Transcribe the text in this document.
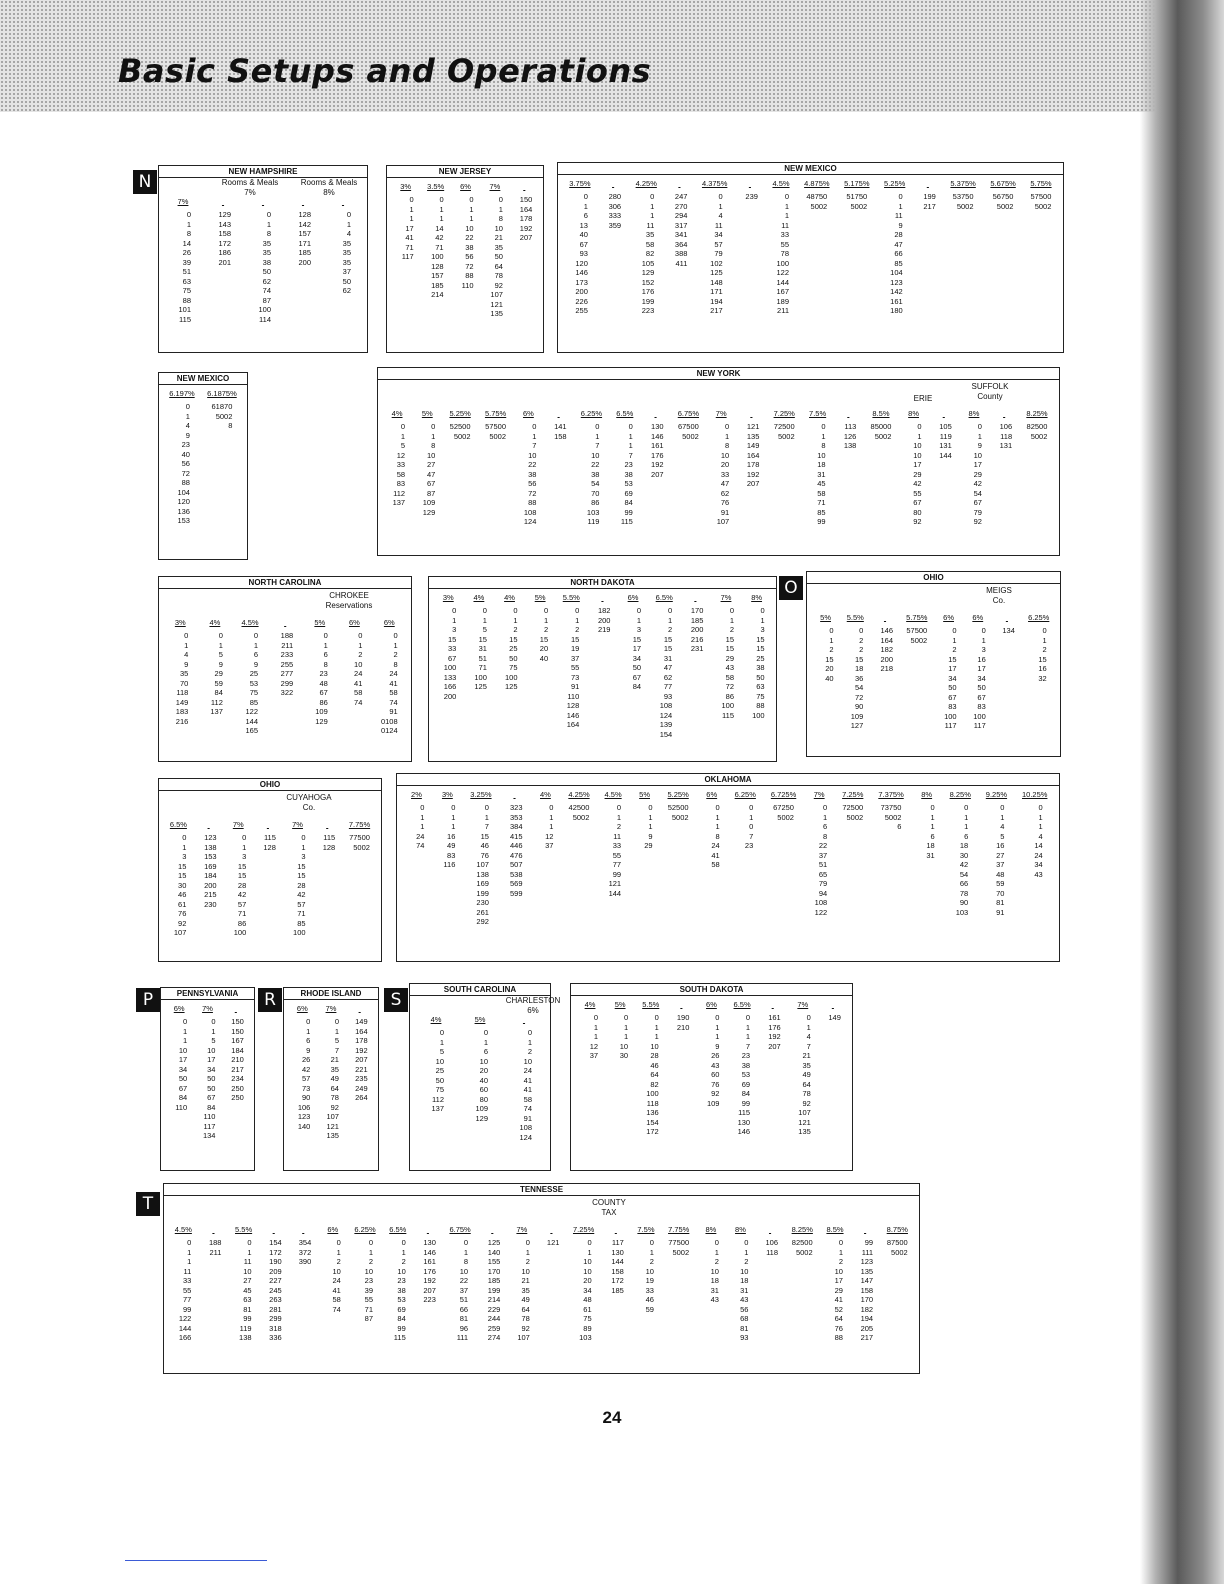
Basic Setups and Operations
N
O
P	R	S
T
NEW HAMPSHIRE
Rooms & Meals
7%
Rooms & Meals
8%
7%
0
1
8
14
26
39
51
63
75
88
101
115

129
143
158
172
186
201

0
1
8
35
35
38
50
62
74
87
100
114

128
142
157
171
185
200

0
1
4
35
35
35
37
50
62
NEW JERSEY
3%
0
1
1
17
41
71
117
3.5%
0
1
1
14
42
71
100
128
157
185
214
6%
0
1
1
10
22
38
56
72
88
110
7%
0
1
8
10
21
35
50
64
78
92
107
121
135

150
164
178
192
207
NEW MEXICO
3.75%
0
1
6
13
40
67
93
120
146
173
200
226
255

280
306
333
359
4.25%
0
1
1
11
35
58
82
105
129
152
176
199
223

247
270
294
317
341
364
388
411
4.375%
0
1
4
11
34
57
79
102
125
148
171
194
217

239
4.5%
0
1
1
11
33
55
78
100
122
144
167
189
211
4.875%
48750
5002
5.175%
51750
5002
5.25%
0
1
11
9
28
47
66
85
104
123
142
161
180

199
217
5.375%
53750
5002
5.675%
56750
5002
5.75%
57500
5002
NEW MEXICO
6.197%
0
1
4
9
23
40
56
72
88
104
120
136
153
6.1875%
61870
5002
8
NEW YORK
ERIE
SUFFOLK
County
4%
0
1
5
12
33
58
83
112
137
5%
0
1
8
10
27
47
67
87
109
129
5.25%
52500
5002
5.75%
57500
5002
6%
0
1
7
10
22
38
56
72
88
108
124

141
158
6.25%
0
1
7
10
22
38
54
70
86
103
119
6.5%
0
1
1
7
23
38
53
69
84
99
115

130
146
161
176
192
207
6.75%
67500
5002
7%
0
1
8
10
20
33
47
62
76
91
107

121
135
149
164
178
192
207
7.25%
72500
5002
7.5%
0
1
8
10
18
31
45
58
71
85
99

113
126
138
8.5%
85000
5002
8%
0
1
10
10
17
29
42
55
67
80
92

105
119
131
144
8%
0
1
9
10
17
29
42
54
67
79
92

106
118
131
8.25%
82500
5002
NORTH CAROLINA
CHROKEE
Reservations
3%
0
1
4
9
35
70
118
149
183
216
4%
0
1
5
9
29
59
84
112
137
4.5%
0
1
6
9
25
53
75
85
122
144
165

188
211
233
255
277
299
322
5%
0
1
6
8
23
48
67
86
109
129
6%
0
1
2
10
24
41
58
74
6%
0
1
2
8
24
41
58
74
91
0108
0124
NORTH DAKOTA
3%
0
1
3
15
33
67
100
133
166
200
4%
0
1
5
15
31
51
71
100
125
4%
0
1
2
15
25
50
75
100
125
5%
0
1
2
15
20
40
5.5%
0
1
2
15
19
37
55
73
91
110
128
146
164

182
200
219
6%
0
1
3
15
17
34
50
67
84
6.5%
0
1
2
15
15
31
47
62
77
93
108
124
139
154

170
185
200
216
231
7%
0
1
2
15
15
29
43
58
72
86
100
115
8%
0
1
3
15
15
25
38
50
63
75
88
100
OHIO
MEIGS
Co.
5%
0
1
2
15
20
40
5.5%
0
2
2
15
18
36
54
72
90
109
127

146
164
182
200
218
5.75%
57500
5002
6%
0
1
2
15
17
34
50
67
83
100
117
6%
0
1
3
16
17
34
50
67
83
100
117

134
6.25%
0
1
2
15
16
32
OHIO
CUYAHOGA
Co.
6.5%
0
1
3
15
15
30
46
61
76
92
107

123
138
153
169
184
200
215
230
7%
0
1
3
15
15
28
42
57
71
86
100

115
128
7%
0
1
3
15
15
28
42
57
71
85
100

115
128
7.75%
77500
5002
OKLAHOMA
2%
0
1
1
24
74
3%
0
1
1
16
49
83
116
3.25%
0
1
7
15
46
76
107
138
169
199
230
261
292

323
353
384
415
446
476
507
538
569
599
4%
0
1
1
12
37
4.25%
42500
5002
4.5%
0
1
2
11
33
55
77
99
121
144
5%
0
1
1
9
29
5.25%
52500
5002
6%
0
1
1
8
24
41
58
6.25%
0
1
0
7
23
6.725%
67250
5002
7%
0
1
6
8
22
37
51
65
79
94
108
122
7.25%
72500
5002
7.375%
73750
5002
6
8%
0
1
1
6
18
31
8.25%
0
1
1
6
18
30
42
54
66
78
90
103
9.25%
0
1
4
5
16
27
37
48
59
70
81
91
10.25%
0
1
1
4
14
24
34
43
PENNSYLVANIA
6%
0
1
1
10
17
34
50
67
84
110
7%
0
1
5
10
17
34
50
50
67
84
110
117
134

150
150
167
184
210
217
234
250
250
RHODE ISLAND
6%
0
1
6
9
26
42
57
73
90
106
123
140
7%
0
1
5
7
21
35
49
64
78
92
107
121
135

149
164
178
192
207
221
235
249
264
SOUTH CAROLINA
CHARLESTON
6%
4%
0
1
5
10
25
50
75
112
137
5%
0
1
6
10
20
40
60
80
109
129

0
1
2
10
24
41
41
58
74
91
108
124
SOUTH DAKOTA
4%
0
1
1
12
37
5%
0
1
1
10
30
5.5%
0
1
1
10
28
46
64
82
100
118
136
154
172

190
210
6%
0
1
1
9
26
43
60
76
92
109
6.5%
0
1
1
7
23
38
53
69
84
99
115
130
146

161
176
192
207
7%
0
1
4
7
21
35
49
64
78
92
107
121
135

149
TENNESSE
COUNTY
TAX
4.5%
0
1
1
11
33
55
77
99
122
144
166

188
211
5.5%
0
1
11
10
27
45
63
81
99
119
138

154
172
190
209
227
245
263
281
299
318
336

354
372
390
6%
0
1
2
10
24
41
58
74
6.25%
0
1
2
10
23
39
55
71
87
6.5%
0
1
2
10
23
38
53
69
84
99
115

130
146
161
176
192
207
223
6.75%
0
1
8
10
22
37
51
66
81
96
111

125
140
155
170
185
199
214
229
244
259
274
7%
0
1
2
10
21
35
49
64
78
92
107

121
7.25%
0
1
10
10
20
34
48
61
75
89
103

117
130
144
158
172
185
7.5%
0
1
2
10
19
33
46
59
7.75%
77500
5002
8%
0
1
2
10
18
31
43
8%
0
1
2
10
18
31
43
56
68
81
93

106
118
8.25%
82500
5002
8.5%
0
1
2
10
17
29
41
52
64
76
88

99
111
123
135
147
158
170
182
194
205
217
8.75%
87500
5002
24
